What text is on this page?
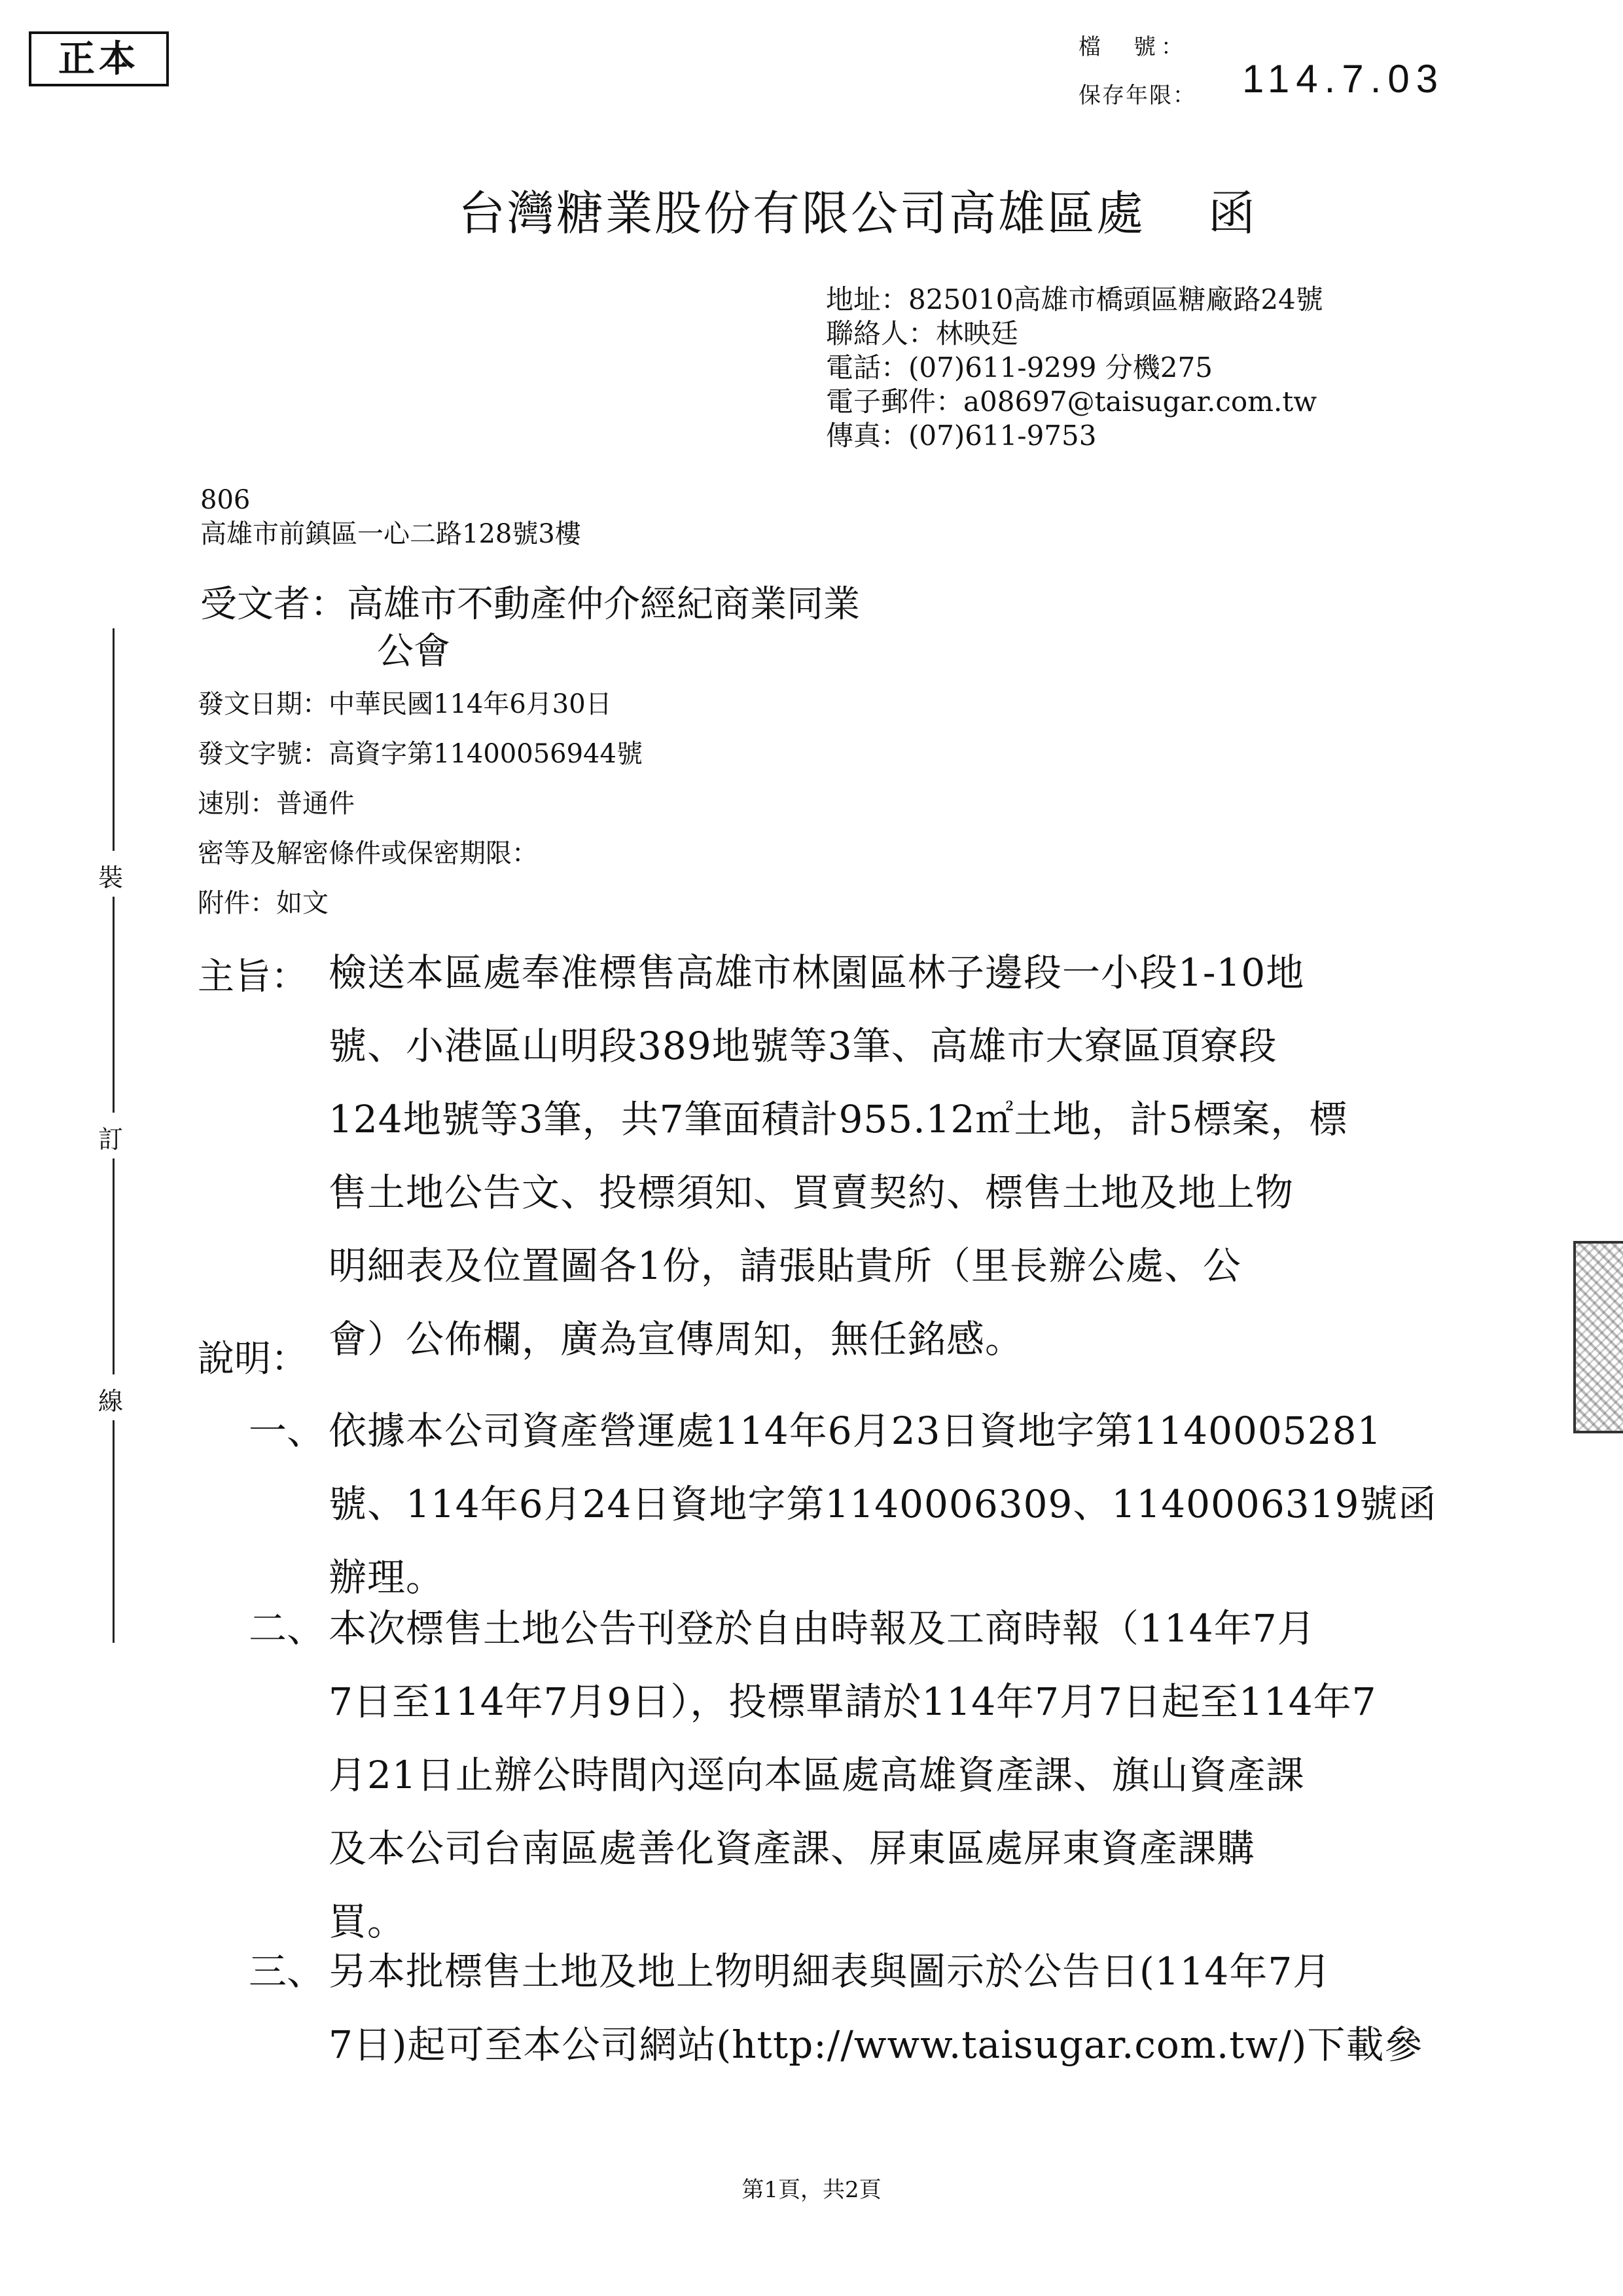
正本	檔　號：
保存年限： 114.7.03
台灣糖業股份有限公司高雄區處 函
地址：825010高雄市橋頭區糖廠路24號
聯絡人：林映廷
電話：(07)611-9299 分機275
電子郵件：a08697@taisugar.com.tw
傳真：(07)611-9753
806
高雄市前鎮區一心二路128號3樓
受文者：高雄市不動產仲介經紀商業同業
公會
發文日期：中華民國114年6月30日
發文字號：高資字第11400056944號
速別：普通件
密等及解密條件或保密期限：
附件：如文
裝
訂
線
主旨： 檢送本區處奉准標售高雄市林園區林子邊段一小段1-10地
號、小港區山明段389地號等3筆、高雄市大寮區頂寮段
124地號等3筆，共7筆面積計955.12㎡土地，計5標案，標
售土地公告文、投標須知、買賣契約、標售土地及地上物
明細表及位置圖各1份，請張貼貴所（里長辦公處、公
會）公佈欄，廣為宣傳周知，無任銘感。
說明：
一、 依據本公司資產營運處114年6月23日資地字第1140005281
號、114年6月24日資地字第1140006309、1140006319號函
辦理。
二、 本次標售土地公告刊登於自由時報及工商時報（114年7月
7日至114年7月9日），投標單請於114年7月7日起至114年7
月21日止辦公時間內逕向本區處高雄資產課、旗山資產課
及本公司台南區處善化資產課、屏東區處屏東資產課購
買。
三、 另本批標售土地及地上物明細表與圖示於公告日(114年7月
7日)起可至本公司網站(http://www.taisugar.com.tw/)下載參
第1頁，共2頁
